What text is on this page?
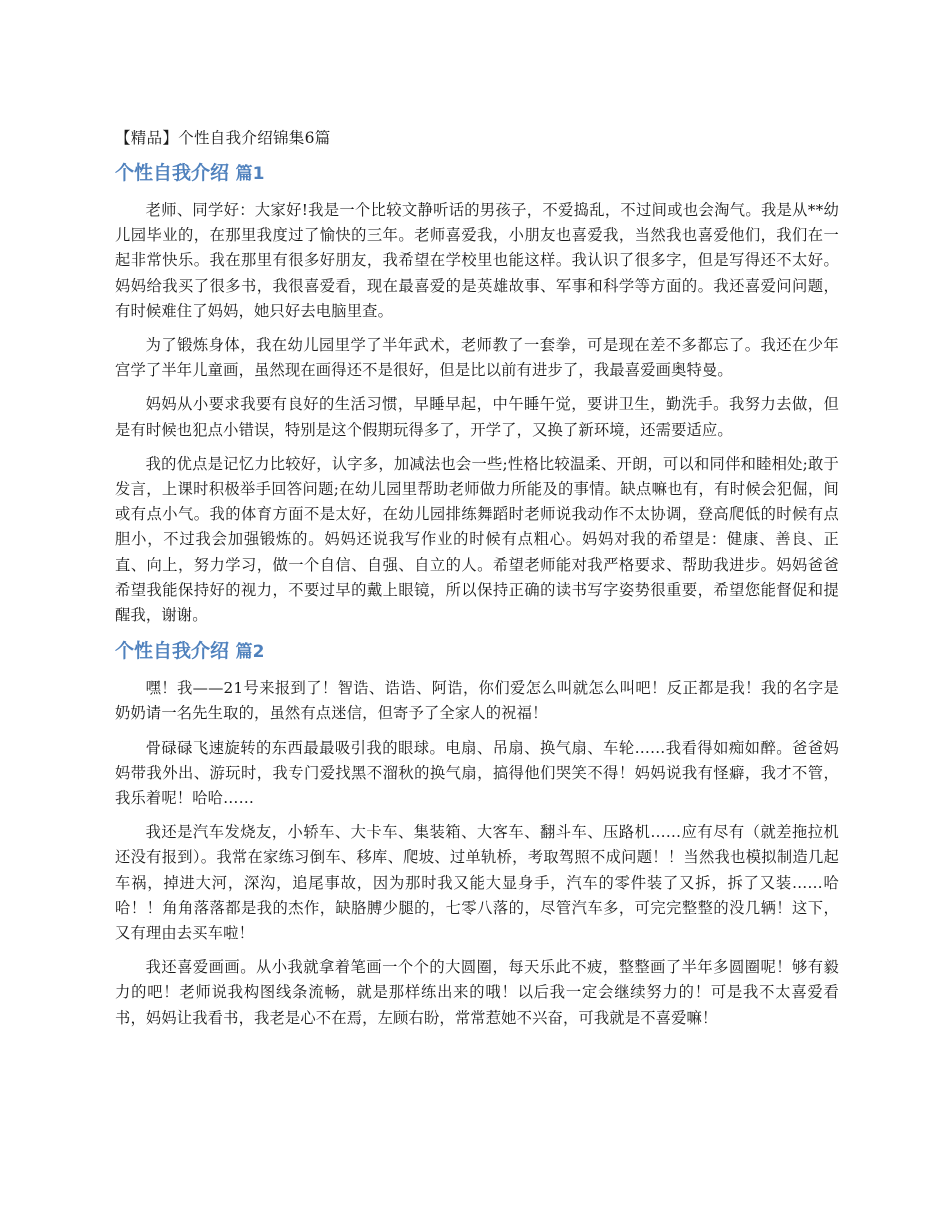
【精品】个性自我介绍锦集6篇
个性自我介绍 篇1

老师、同学好：大家好!我是一个比较文静听话的男孩子，不爱捣乱，不过间或也会淘气。我是从**幼儿园毕业的，在那里我度过了愉快的三年。老师喜爱我，小朋友也喜爱我，当然我也喜爱他们，我们在一起非常快乐。我在那里有很多好朋友，我希望在学校里也能这样。我认识了很多字，但是写得还不太好。妈妈给我买了很多书，我很喜爱看，现在最喜爱的是英雄故事、军事和科学等方面的。我还喜爱问问题，有时候难住了妈妈，她只好去电脑里查。

为了锻炼身体，我在幼儿园里学了半年武术，老师教了一套拳，可是现在差不多都忘了。我还在少年宫学了半年儿童画，虽然现在画得还不是很好，但是比以前有进步了，我最喜爱画奥特曼。

妈妈从小要求我要有良好的生活习惯，早睡早起，中午睡午觉，要讲卫生，勤洗手。我努力去做，但是有时候也犯点小错误，特别是这个假期玩得多了，开学了，又换了新环境，还需要适应。

我的优点是记忆力比较好，认字多，加减法也会一些;性格比较温柔、开朗，可以和同伴和睦相处;敢于发言，上课时积极举手回答问题;在幼儿园里帮助老师做力所能及的事情。缺点嘛也有，有时候会犯倔，间或有点小气。我的体育方面不是太好，在幼儿园排练舞蹈时老师说我动作不太协调，登高爬低的时候有点胆小，不过我会加强锻炼的。妈妈还说我写作业的时候有点粗心。妈妈对我的希望是：健康、善良、正直、向上，努力学习，做一个自信、自强、自立的人。希望老师能对我严格要求、帮助我进步。妈妈爸爸希望我能保持好的视力，不要过早的戴上眼镜，所以保持正确的读书写字姿势很重要，希望您能督促和提醒我，谢谢。

个性自我介绍 篇2

嘿！我——21号来报到了！智诰、诰诰、阿诰，你们爱怎么叫就怎么叫吧！反正都是我！我的名字是奶奶请一名先生取的，虽然有点迷信，但寄予了全家人的祝福！

骨碌碌飞速旋转的东西最最吸引我的眼球。电扇、吊扇、换气扇、车轮……我看得如痴如醉。爸爸妈妈带我外出、游玩时，我专门爱找黑不溜秋的换气扇，搞得他们哭笑不得！妈妈说我有怪癖，我才不管，我乐着呢！哈哈……

我还是汽车发烧友，小轿车、大卡车、集装箱、大客车、翻斗车、压路机……应有尽有（就差拖拉机还没有报到）。我常在家练习倒车、移库、爬坡、过单轨桥，考取驾照不成问题！！当然我也模拟制造几起车祸，掉进大河，深沟，追尾事故，因为那时我又能大显身手，汽车的零件装了又拆，拆了又装……哈哈！！角角落落都是我的杰作，缺胳膊少腿的，七零八落的，尽管汽车多，可完完整整的没几辆！这下，又有理由去买车啦！

我还喜爱画画。从小我就拿着笔画一个个的大圆圈，每天乐此不疲，整整画了半年多圆圈呢！够有毅力的吧！老师说我构图线条流畅，就是那样练出来的哦！以后我一定会继续努力的！可是我不太喜爱看书，妈妈让我看书，我老是心不在焉，左顾右盼，常常惹她不兴奋，可我就是不喜爱嘛！
